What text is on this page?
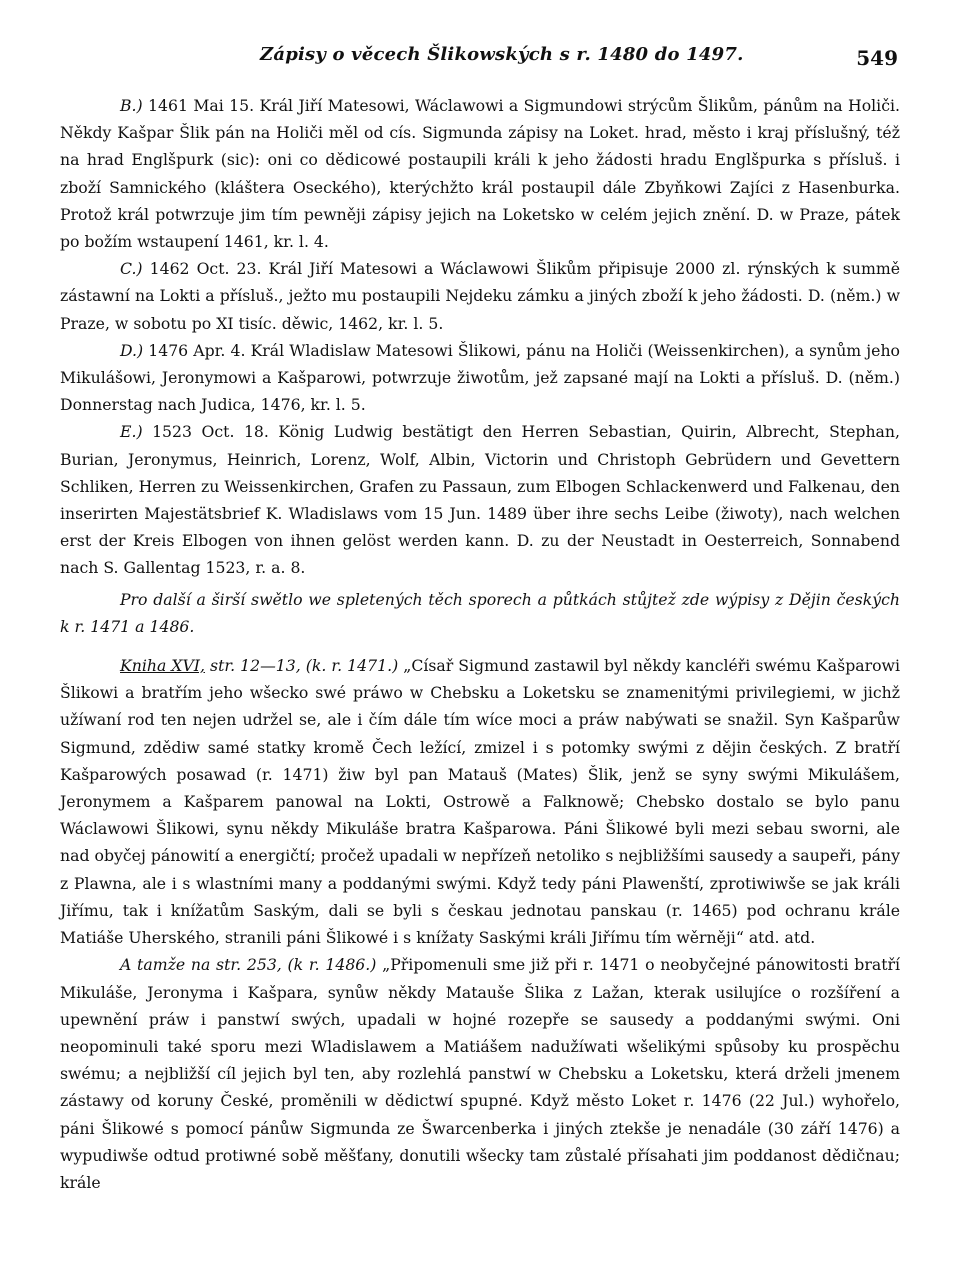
Zápisy o věcech Šlikowských s r. 1480 do 1497.	549

B.) 1461 Mai 15. Král Jiří Matesowi, Wáclawowi a Sigmundowi strýcům Šlikům, pánům na Holiči. Někdy Kašpar Šlik pán na Holiči měl od cís. Sigmunda zápisy na Loket. hrad, město i kraj příslušný, též na hrad Englšpurk (sic): oni co dědicowé postaupili králi k jeho žádosti hradu Englšpurka s přísluš. i zboží Samnického (kláštera Oseckého), kterýchžto král postaupil dále Zbyňkowi Zajíci z Hasenburka. Protož král potwrzuje jim tím pewněji zápisy jejich na Loketsko w celém jejich znění. D. w Praze, pátek po božím wstaupení 1461, kr. l. 4.

C.) 1462 Oct. 23. Král Jiří Matesowi a Wáclawowi Šlikům připisuje 2000 zl. rýnských k summě zástawní na Lokti a přísluš., ježto mu postaupili Nejdeku zámku a jiných zboží k jeho žádosti. D. (něm.) w Praze, w sobotu po XI tisíc. děwic, 1462, kr. l. 5.

D.) 1476 Apr. 4. Král Wladislaw Matesowi Šlikowi, pánu na Holiči (Weissenkirchen), a synům jeho Mikulášowi, Jeronymowi a Kašparowi, potwrzuje žiwotům, jež zapsané mají na Lokti a přísluš. D. (něm.) Donnerstag nach Judica, 1476, kr. l. 5.

E.) 1523 Oct. 18. König Ludwig bestätigt den Herren Sebastian, Quirin, Albrecht, Stephan, Burian, Jeronymus, Heinrich, Lorenz, Wolf, Albin, Victorin und Christoph Gebrüdern und Gevettern Schliken, Herren zu Weissenkirchen, Grafen zu Passaun, zum Elbogen Schlackenwerd und Falkenau, den inserirten Majestätsbrief K. Wladislaws vom 15 Jun. 1489 über ihre sechs Leibe (žiwoty), nach welchen erst der Kreis Elbogen von ihnen gelöst werden kann. D. zu der Neustadt in Oesterreich, Sonnabend nach S. Gallentag 1523, r. a. 8.

Pro další a širší swětlo we spletených těch sporech a půtkách stůjtež zde wýpisy z Dějin českých k r. 1471 a 1486.

Kniha XVI, str. 12—13, (k. r. 1471.) „Císař Sigmund zastawil byl někdy kancléři swému Kašparowi Šlikowi a bratřím jeho wšecko swé práwo w Chebsku a Loketsku se znamenitými privilegiemi, w jichž užíwaní rod ten nejen udržel se, ale i čím dále tím wíce moci a práw nabýwati se snažil. Syn Kašparůw Sigmund, zdědiw samé statky kromě Čech ležící, zmizel i s potomky swými z dějin českých. Z bratří Kašparowých posawad (r. 1471) žiw byl pan Matauš (Mates) Šlik, jenž se syny swými Mikulášem, Jeronymem a Kašparem panowal na Lokti, Ostrowě a Falknowě; Chebsko dostalo se bylo panu Wáclawowi Šlikowi, synu někdy Mikuláše bratra Kašparowa. Páni Šlikowé byli mezi sebau sworni, ale nad obyčej pánowití a energičtí; pročež upadali w nepřízeň netoliko s nejbližšími sausedy a saupeři, pány z Plawna, ale i s wlastními many a poddanými swými. Když tedy páni Plawenští, zprotiwiwše se jak králi Jiřímu, tak i knížatům Saským, dali se byli s českau jednotau panskau (r. 1465) pod ochranu krále Matiáše Uherského, stranili páni Šlikowé i s knížaty Saskými králi Jiřímu tím wěrněji“ atd. atd.

A tamže na str. 253, (k r. 1486.) „Připomenuli sme již při r. 1471 o neobyčejné pánowitosti bratří Mikuláše, Jeronyma i Kašpara, synůw někdy Matauše Šlika z Lažan, kterak usilujíce o rozšíření a upewnění práw i panstwí swých, upadali w hojné rozepře se sausedy a poddanými swými. Oni neopominuli také sporu mezi Wladislawem a Matiášem nadužíwati wšelikými spůsoby ku prospěchu swému; a nejbližší cíl jejich byl ten, aby rozlehlá panstwí w Chebsku a Loketsku, která drželi jmenem zástawy od koruny České, proměnili w dědictwí spupné. Když město Loket r. 1476 (22 Jul.) wyhořelo, páni Šlikowé s pomocí pánůw Sigmunda ze Šwarcenberka i jiných ztekše je nenadále (30 září 1476) a wypudiwše odtud protiwné sobě měšťany, donutili wšecky tam zůstalé přísahati jim poddanost dědičnau; krále
